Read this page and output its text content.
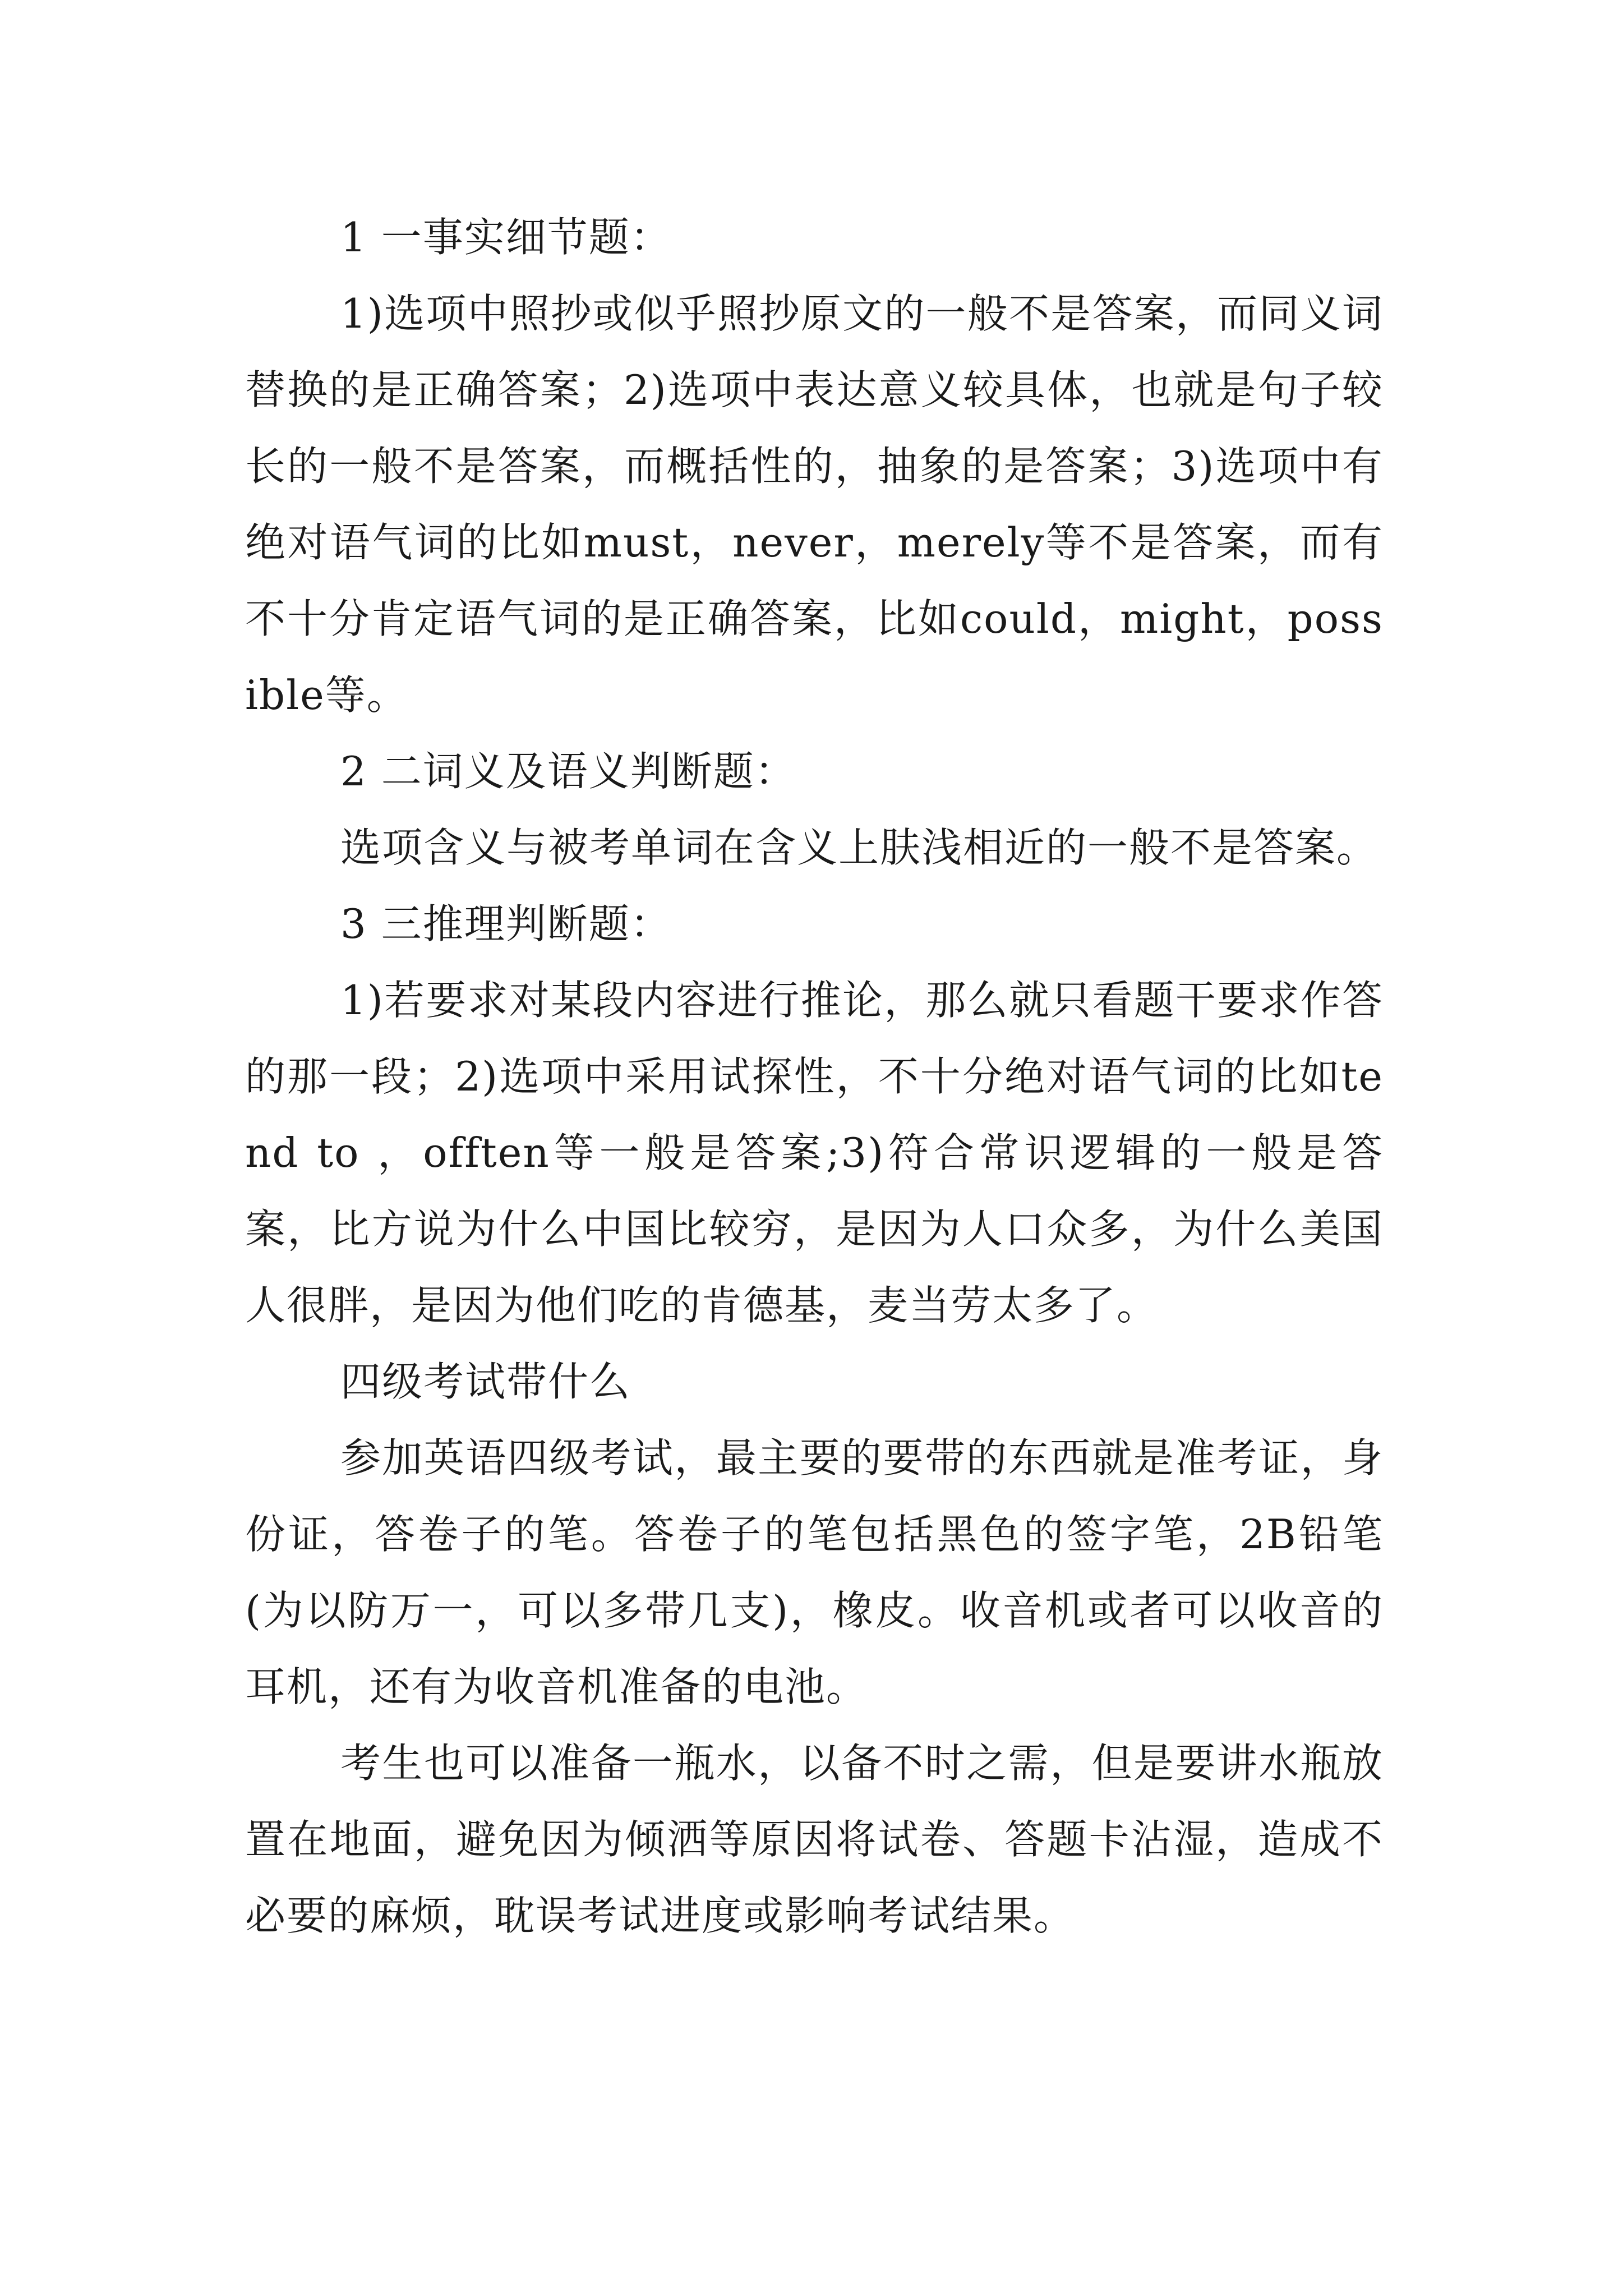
1 一事实细节题：

1)选项中照抄或似乎照抄原文的一般不是答案，而同义词替换的是正确答案；2)选项中表达意义较具体，也就是句子较长的一般不是答案，而概括性的，抽象的是答案；3)选项中有绝对语气词的比如must，never，merely等不是答案，而有不十分肯定语气词的是正确答案，比如could，might，possible等。

2 二词义及语义判断题：

选项含义与被考单词在含义上肤浅相近的一般不是答案。

3 三推理判断题：

1)若要求对某段内容进行推论，那么就只看题干要求作答的那一段；2)选项中采用试探性，不十分绝对语气词的比如tend to ，offten等一般是答案;3)符合常识逻辑的一般是答案，比方说为什么中国比较穷，是因为人口众多，为什么美国人很胖，是因为他们吃的肯德基，麦当劳太多了。

四级考试带什么

参加英语四级考试，最主要的要带的东西就是准考证，身份证，答卷子的笔。答卷子的笔包括黑色的签字笔，2B铅笔(为以防万一，可以多带几支)，橡皮。收音机或者可以收音的耳机，还有为收音机准备的电池。

考生也可以准备一瓶水，以备不时之需，但是要讲水瓶放置在地面，避免因为倾洒等原因将试卷、答题卡沾湿，造成不必要的麻烦，耽误考试进度或影响考试结果。
